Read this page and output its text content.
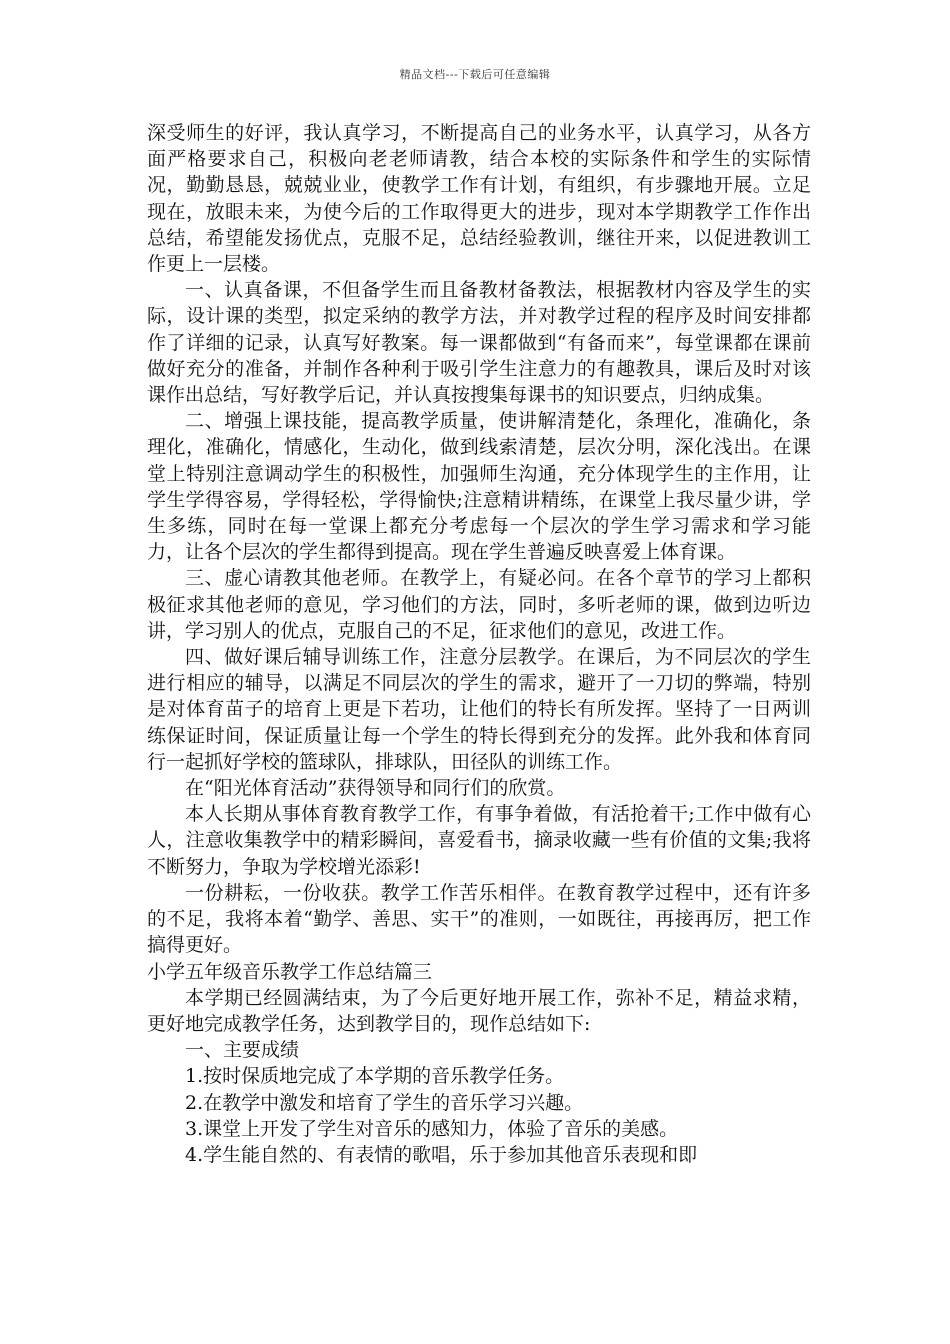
精品文档---下载后可任意编辑

深受师生的好评，我认真学习，不断提高自己的业务水平，认真学习，从各方面严格要求自己，积极向老老师请教，结合本校的实际条件和学生的实际情况，勤勤恳恳，兢兢业业，使教学工作有计划，有组织，有步骤地开展。立足现在，放眼未来，为使今后的工作取得更大的进步，现对本学期教学工作作出总结，希望能发扬优点，克服不足，总结经验教训，继往开来，以促进教训工作更上一层楼。

一、认真备课，不但备学生而且备教材备教法，根据教材内容及学生的实际，设计课的类型，拟定采纳的教学方法，并对教学过程的程序及时间安排都作了详细的记录，认真写好教案。每一课都做到“有备而来”，每堂课都在课前做好充分的准备，并制作各种利于吸引学生注意力的有趣教具，课后及时对该课作出总结，写好教学后记，并认真按搜集每课书的知识要点，归纳成集。

二、增强上课技能，提高教学质量，使讲解清楚化，条理化，准确化，条理化，准确化，情感化，生动化，做到线索清楚，层次分明，深化浅出。在课堂上特别注意调动学生的积极性，加强师生沟通，充分体现学生的主作用，让学生学得容易，学得轻松，学得愉快;注意精讲精练，在课堂上我尽量少讲，学生多练，同时在每一堂课上都充分考虑每一个层次的学生学习需求和学习能力，让各个层次的学生都得到提高。现在学生普遍反映喜爱上体育课。

三、虚心请教其他老师。在教学上，有疑必问。在各个章节的学习上都积极征求其他老师的意见，学习他们的方法，同时，多听老师的课，做到边听边讲，学习别人的优点，克服自己的不足，征求他们的意见，改进工作。

四、做好课后辅导训练工作，注意分层教学。在课后，为不同层次的学生进行相应的辅导，以满足不同层次的学生的需求，避开了一刀切的弊端，特别是对体育苗子的培育上更是下若功，让他们的特长有所发挥。坚持了一日两训练保证时间，保证质量让每一个学生的特长得到充分的发挥。此外我和体育同行一起抓好学校的篮球队，排球队，田径队的训练工作。

在“阳光体育活动”获得领导和同行们的欣赏。

本人长期从事体育教育教学工作，有事争着做，有活抢着干;工作中做有心人，注意收集教学中的精彩瞬间，喜爱看书，摘录收藏一些有价值的文集;我将不断努力，争取为学校增光添彩!

一份耕耘，一份收获。教学工作苦乐相伴。在教育教学过程中，还有许多的不足，我将本着“勤学、善思、实干”的准则，一如既往，再接再厉，把工作搞得更好。

小学五年级音乐教学工作总结篇三

本学期已经圆满结束，为了今后更好地开展工作，弥补不足，精益求精，更好地完成教学任务，达到教学目的，现作总结如下:

一、主要成绩

1.按时保质地完成了本学期的音乐教学任务。

2.在教学中激发和培育了学生的音乐学习兴趣。

3.课堂上开发了学生对音乐的感知力，体验了音乐的美感。

4.学生能自然的、有表情的歌唱，乐于参加其他音乐表现和即
